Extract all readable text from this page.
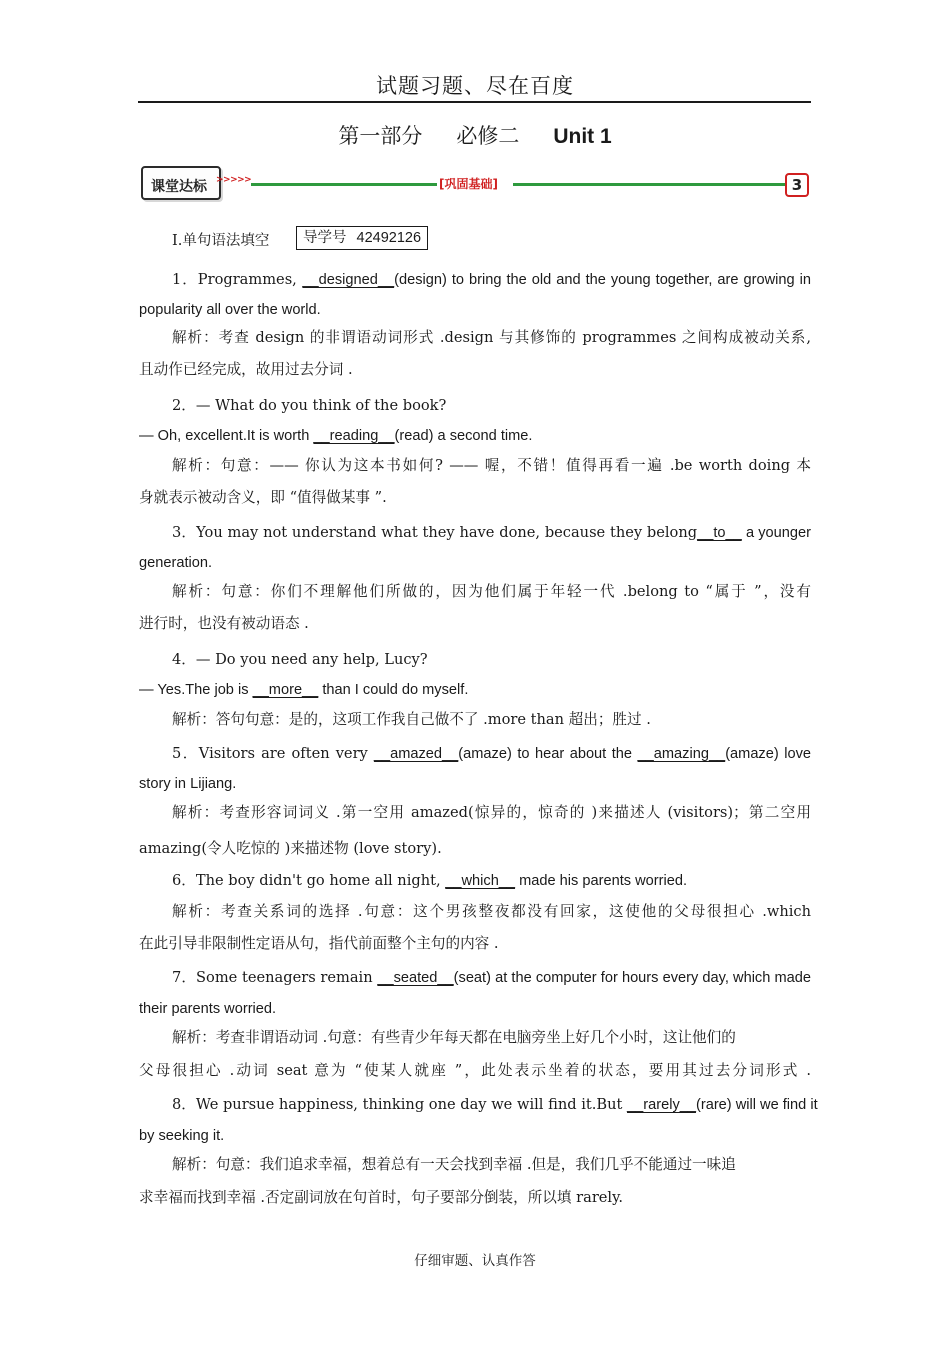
试题习题、尽在百度
第一部分 必修二 Unit 1
课堂达标 >>>>>	[巩固基础]	3
Ⅰ.单句语法填空	导学号 42492126
1．Programmes, __designed__(design) to bring the old and the young together, are growing in
popularity all over the world.
解析：考查 design 的非谓语动词形式 .design 与其修饰的 programmes 之间构成被动关系,
且动作已经完成，故用过去分词 .
2．— What do you think of the book?
— Oh, excellent.It is worth __reading__(read) a second time.
解析：句意：—— 你认为这本书如何? —— 喔，不错！值得再看一遍 .be worth doing 本
身就表示被动含义，即 “值得做某事 ”.
3．You may not understand what they have done, because they belong__to__ a younger
generation.
解析：句意：你们不理解他们所做的，因为他们属于年轻一代 .belong to “属于 ”，没有
进行时，也没有被动语态 .
4．— Do you need any help, Lucy?
— Yes.The job is __more__ than I could do myself.
解析：答句句意：是的，这项工作我自己做不了 .more than 超出；胜过 .
5．Visitors are often very __amazed__(amaze) to hear about the __amazing__(amaze) love
story in Lijiang.
解析：考查形容词词义 .第一空用 amazed(惊异的，惊奇的 )来描述人 (visitors)；第二空用
amazing(令人吃惊的 )来描述物 (love story).
6．The boy didn't go home all night, __which__ made his parents worried.
解析：考查关系词的选择 .句意：这个男孩整夜都没有回家，这使他的父母很担心 .which
在此引导非限制性定语从句，指代前面整个主句的内容 .
7．Some teenagers remain __seated__(seat) at the computer for hours every day, which made
their parents worried.
解析：考查非谓语动词 .句意：有些青少年每天都在电脑旁坐上好几个小时，这让他们的
父母很担心 .动词 seat 意为 “使某人就座 ”，此处表示坐着的状态，要用其过去分词形式 .
8．We pursue happiness, thinking one day we will find it.But __rarely__(rare) will we find it
by seeking it.
解析：句意：我们追求幸福，想着总有一天会找到幸福 .但是，我们几乎不能通过一味追
求幸福而找到幸福 .否定副词放在句首时，句子要部分倒装，所以填 rarely.
仔细审题、认真作答
